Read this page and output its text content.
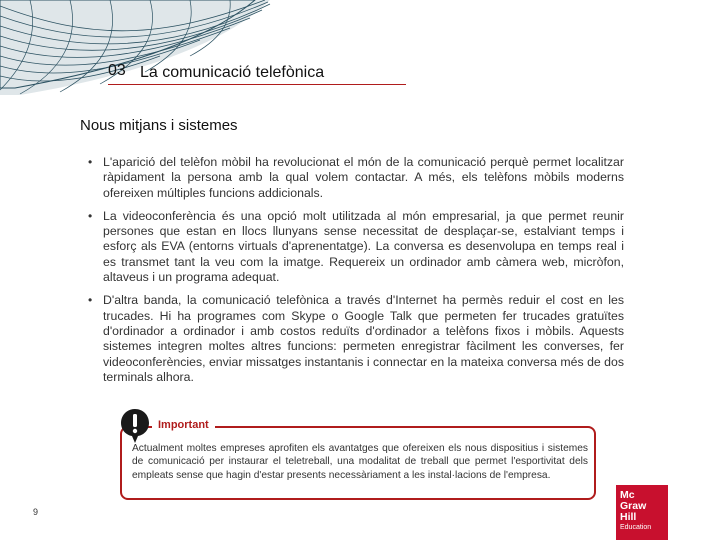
03 La comunicació telefònica
Nous mitjans i sistemes
• L'aparició del telèfon mòbil ha revolucionat el món de la comunicació perquè permet localitzar ràpidament la persona amb la qual volem contactar. A més, els telèfons mòbils moderns ofereixen múltiples funcions addicionals.
• La videoconferència és una opció molt utilitzada al món empresarial, ja que permet reunir persones que estan en llocs llunyans sense necessitat de desplaçar-se, estalviant temps i esforç als EVA (entorns virtuals d'aprenentatge). La conversa es desenvolupa en temps real i es transmet tant la veu com la imatge. Requereix un ordinador amb càmera web, micròfon, altaveus i un programa adequat.
• D'altra banda, la comunicació telefònica a través d'Internet ha permès reduir el cost en les trucades. Hi ha programes com Skype o Google Talk que permeten fer trucades gratuïtes d'ordinador a ordinador i amb costos reduïts d'ordinador a telèfons fixos i mòbils. Aquests sistemes integren moltes altres funcions: permeten enregistrar fàcilment les converses, fer videoconferències, enviar missatges instantanis i connectar en la mateixa conversa més de dos terminals alhora.
Important
Actualment moltes empreses aprofiten els avantatges que ofereixen els nous dispositius i sistemes de comunicació per instaurar el teletreball, una modalitat de treball que permet l'esportivitat dels empleats sense que hagin d'estar presents necessàriament a les instal·lacions de l'empresa.
9
Mc
Graw
Hill
Education
